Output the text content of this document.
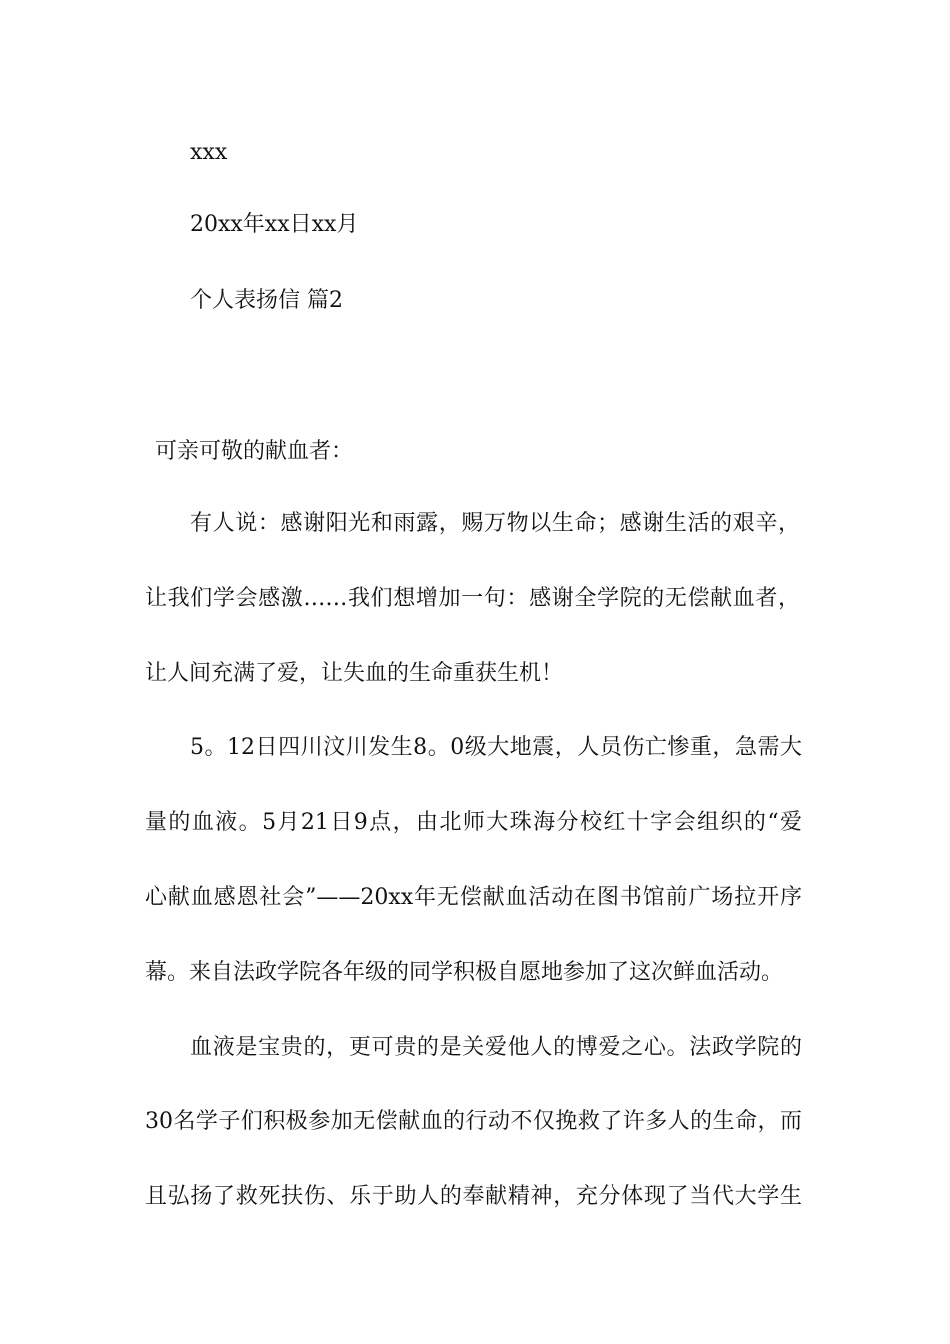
xxx
20xx年xx日xx月
个人表扬信 篇2
可亲可敬的献血者：
有人说：感谢阳光和雨露，赐万物以生命；感谢生活的艰辛，
让我们学会感激……我们想增加一句：感谢全学院的无偿献血者，
让人间充满了爱，让失血的生命重获生机！
5。12日四川汶川发生8。0级大地震，人员伤亡惨重，急需大
量的血液。5月21日9点，由北师大珠海分校红十字会组织的“爱
心献血感恩社会”——20xx年无偿献血活动在图书馆前广场拉开序
幕。来自法政学院各年级的同学积极自愿地参加了这次鲜血活动。
血液是宝贵的，更可贵的是关爱他人的博爱之心。法政学院的
30名学子们积极参加无偿献血的行动不仅挽救了许多人的生命，而
且弘扬了救死扶伤、乐于助人的奉献精神，充分体现了当代大学生
